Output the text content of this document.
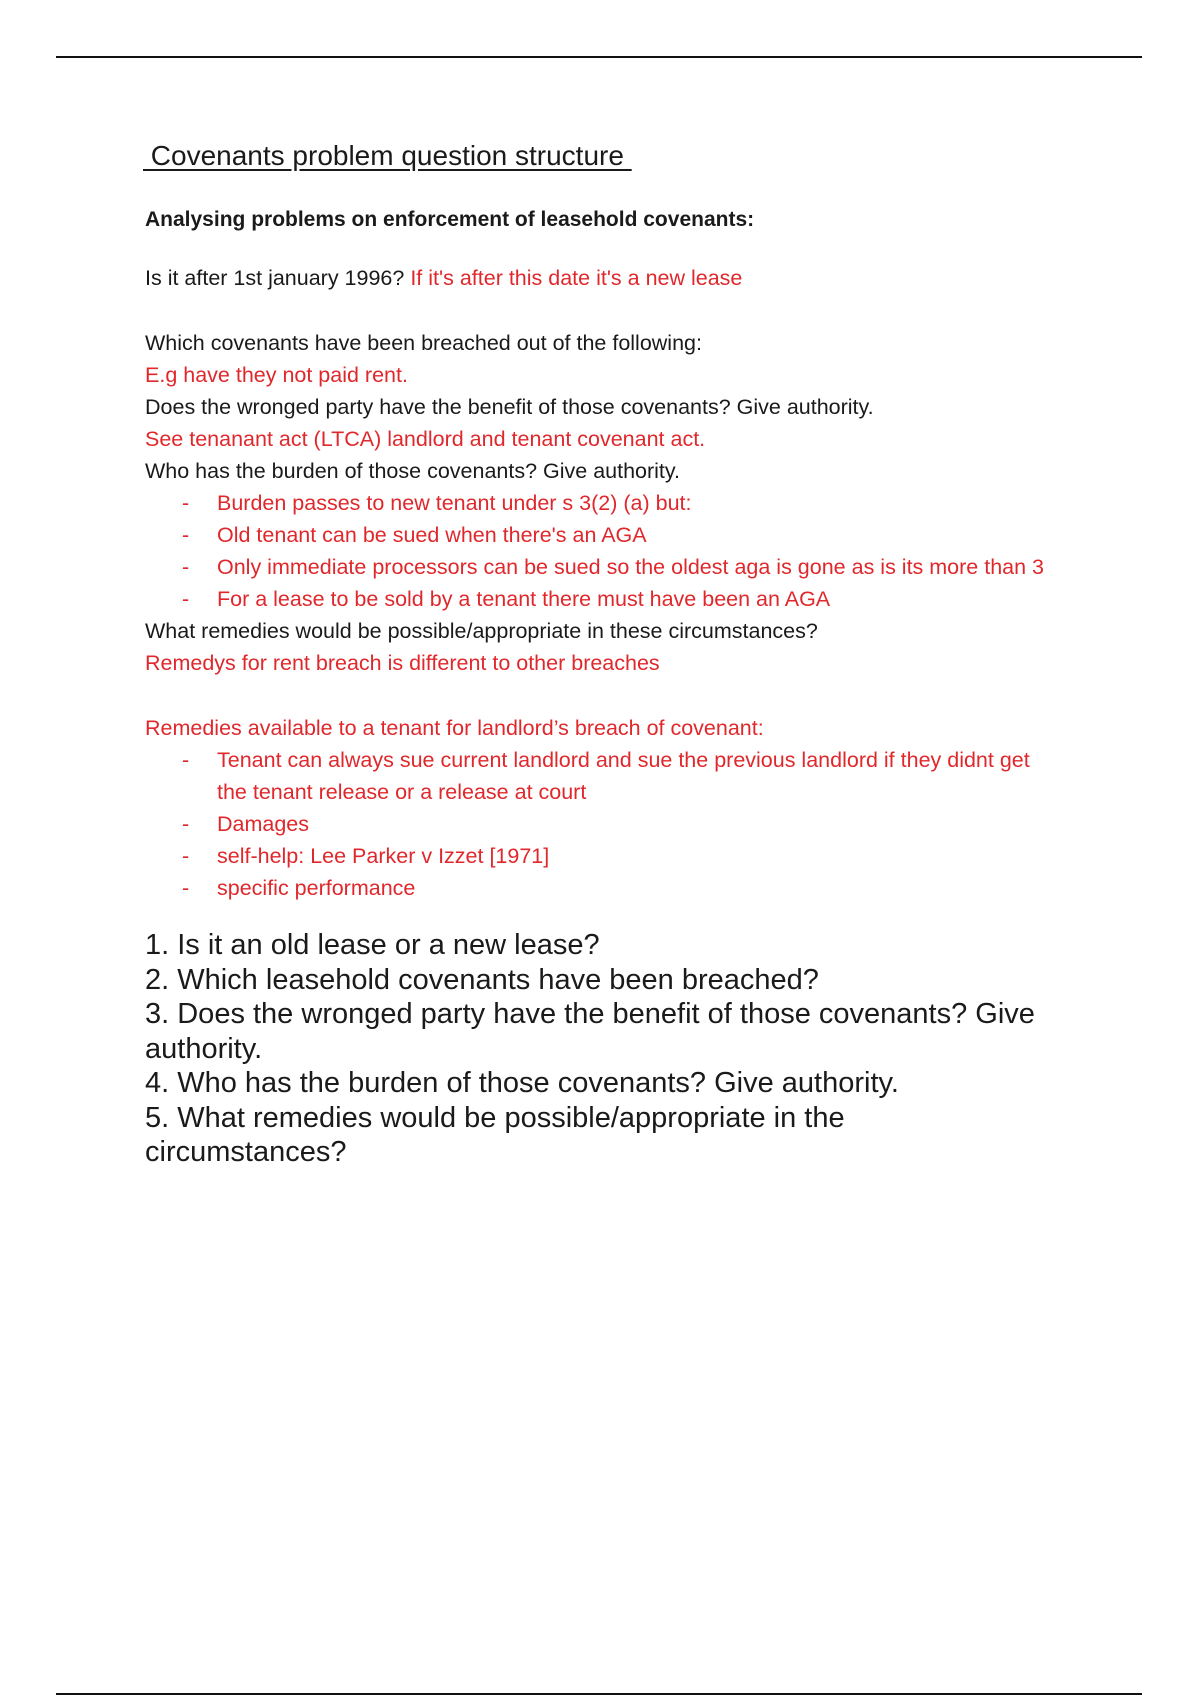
Covenants problem question structure
Analysing problems on enforcement of leasehold covenants:

Is it after 1st january 1996? If it's after this date it's a new lease

Which covenants have been breached out of the following:

E.g have they not paid rent.

Does the wronged party have the benefit of those covenants? Give authority.

See tenanant act (LTCA) landlord and tenant covenant act.

Who has the burden of those covenants? Give authority.

- Burden passes to new tenant under s 3(2) (a) but:
- Old tenant can be sued when there's an AGA
- Only immediate processors can be sued so the oldest aga is gone as is its more than 3
- For a lease to be sold by a tenant there must have been an AGA

What remedies would be possible/appropriate in these circumstances?

Remedys for rent breach is different to other breaches

Remedies available to a tenant for landlord’s breach of covenant:

- Tenant can always sue current landlord and sue the previous landlord if they didnt get the tenant release or a release at court
- Damages
- self-help: Lee Parker v Izzet [1971]
- specific performance
1. Is it an old lease or a new lease?
2. Which leasehold covenants have been breached?
3. Does the wronged party have the benefit of those covenants? Give
authority.
4. Who has the burden of those covenants? Give authority.
5. What remedies would be possible/appropriate in the circumstances?
